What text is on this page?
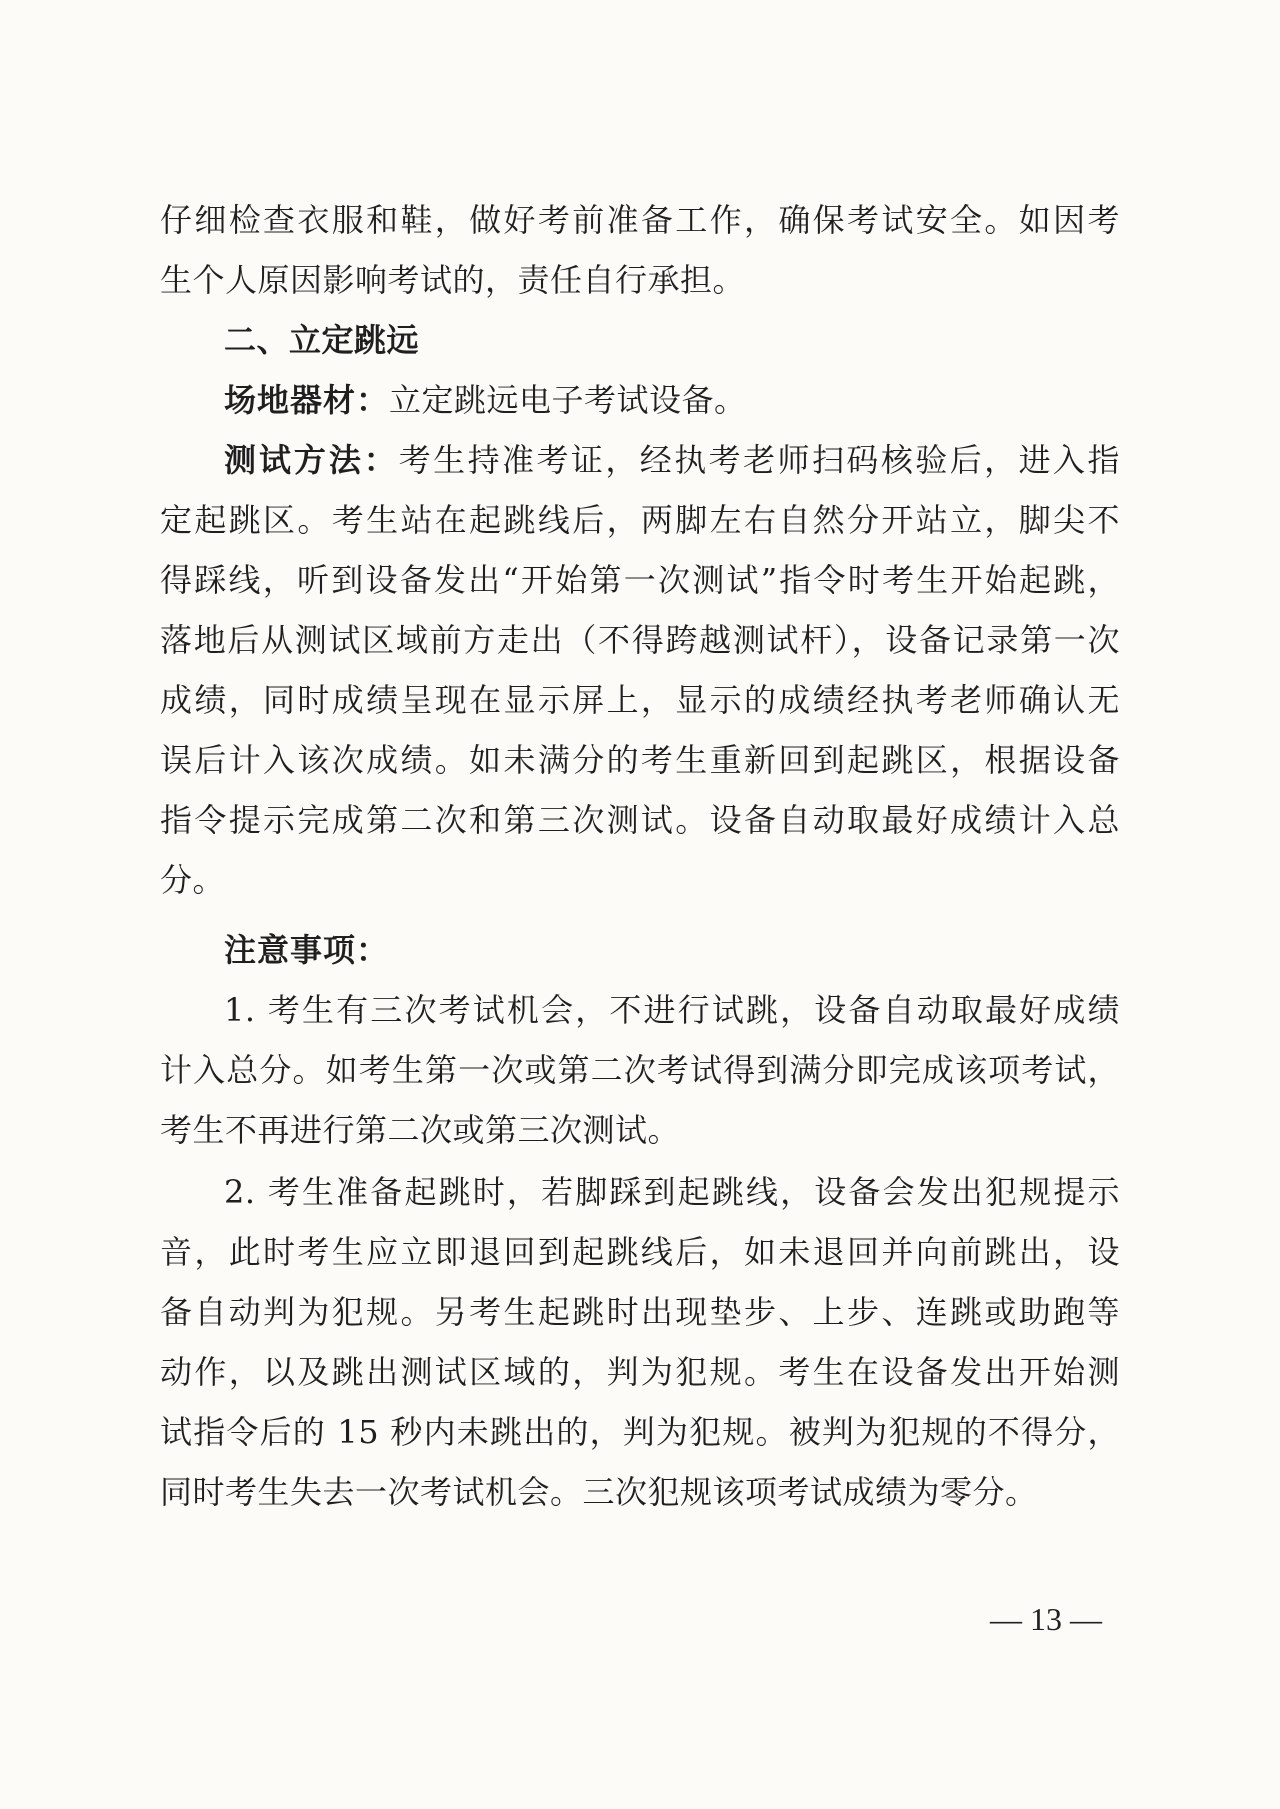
仔细检查衣服和鞋，做好考前准备工作，确保考试安全。如因考
生个人原因影响考试的，责任自行承担。
二、立定跳远
场地器材：立定跳远电子考试设备。
测试方法：考生持准考证，经执考老师扫码核验后，进入指
定起跳区。考生站在起跳线后，两脚左右自然分开站立，脚尖不
得踩线，听到设备发出“开始第一次测试”指令时考生开始起跳，
落地后从测试区域前方走出（不得跨越测试杆），设备记录第一次
成绩，同时成绩呈现在显示屏上，显示的成绩经执考老师确认无
误后计入该次成绩。如未满分的考生重新回到起跳区，根据设备
指令提示完成第二次和第三次测试。设备自动取最好成绩计入总
分。
注意事项：
1. 考生有三次考试机会，不进行试跳，设备自动取最好成绩
计入总分。如考生第一次或第二次考试得到满分即完成该项考试，
考生不再进行第二次或第三次测试。
2. 考生准备起跳时，若脚踩到起跳线，设备会发出犯规提示
音，此时考生应立即退回到起跳线后，如未退回并向前跳出，设
备自动判为犯规。另考生起跳时出现垫步、上步、连跳或助跑等
动作，以及跳出测试区域的，判为犯规。考生在设备发出开始测
试指令后的 15 秒内未跳出的，判为犯规。被判为犯规的不得分，
同时考生失去一次考试机会。三次犯规该项考试成绩为零分。
— 13 —
